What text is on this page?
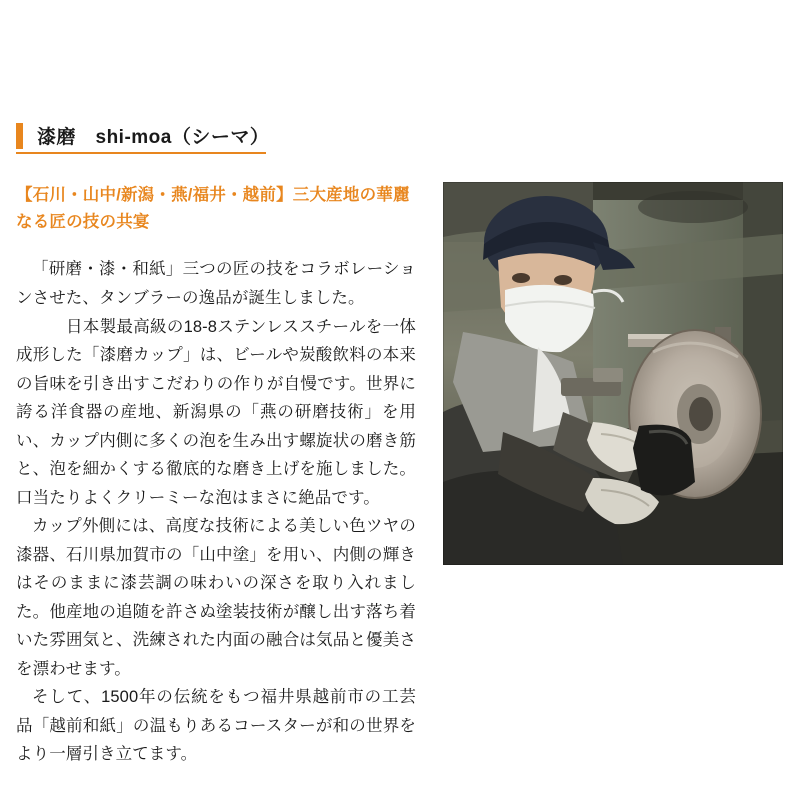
漆磨　shi-moa（シーマ）

【石川・山中/新潟・燕/福井・越前】三大産地の華麗なる匠の技の共宴

「研磨・漆・和紙」三つの匠の技をコラボレーションさせた、タンブラーの逸品が誕生しました。

日本製最高級の18-8ステンレススチールを一体成形した「漆磨カップ」は、ビールや炭酸飲料の本来の旨味を引き出すこだわりの作りが自慢です。世界に誇る洋食器の産地、新潟県の「燕の研磨技術」を用い、カップ内側に多くの泡を生み出す螺旋状の磨き筋と、泡を細かくする徹底的な磨き上げを施しました。口当たりよくクリーミーな泡はまさに絶品です。

カップ外側には、高度な技術による美しい色ツヤの漆器、石川県加賀市の「山中塗」を用い、内側の輝きはそのままに漆芸調の味わいの深さを取り入れました。他産地の追随を許さぬ塗装技術が醸し出す落ち着いた雰囲気と、洗練された内面の融合は気品と優美さを漂わせます。

そして、1500年の伝統をもつ福井県越前市の工芸品「越前和紙」の温もりあるコースターが和の世界をより一層引き立てます。
